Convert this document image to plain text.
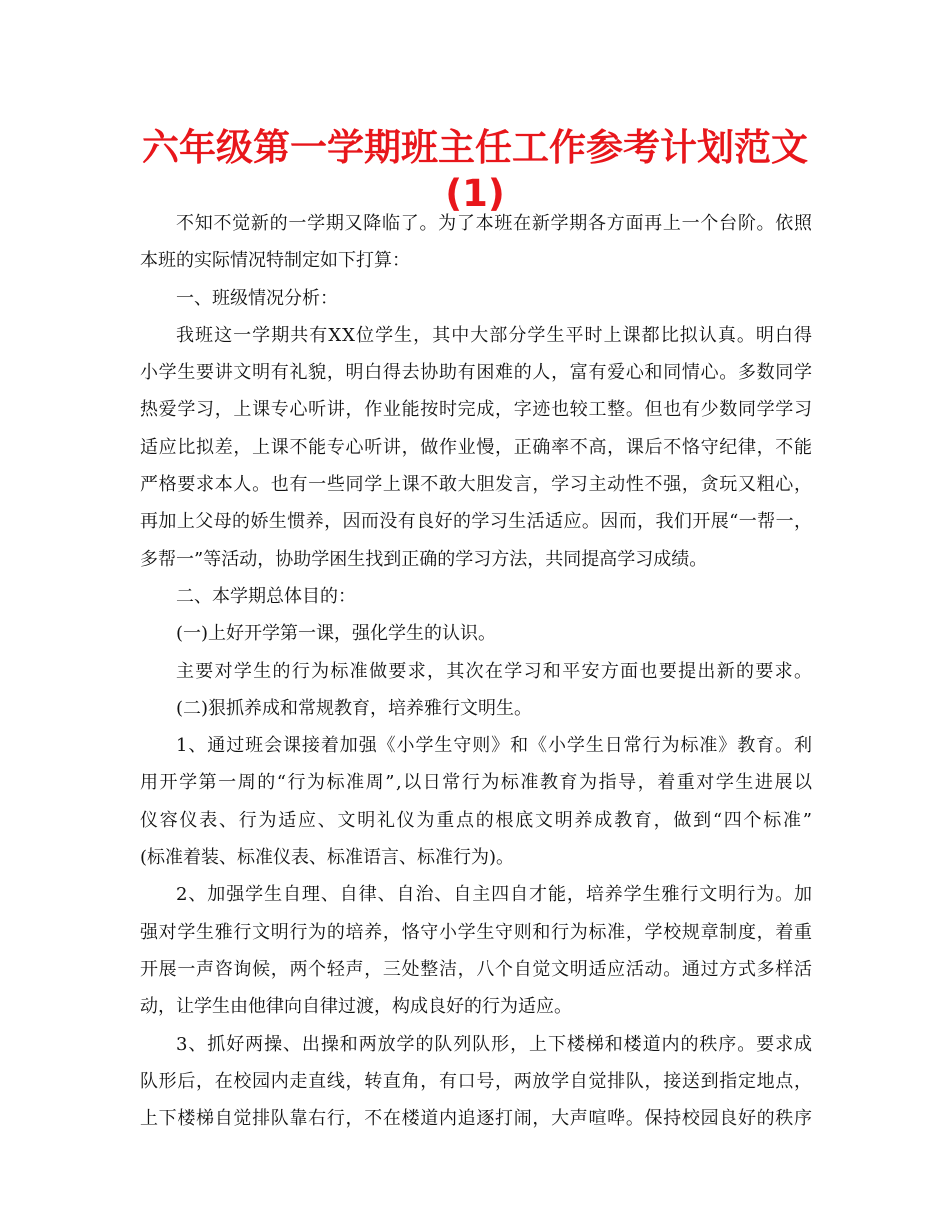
六年级第一学期班主任工作参考计划范文
(1)
不知不觉新的一学期又降临了。为了本班在新学期各方面再上一个台阶。依照
本班的实际情况特制定如下打算：
一、班级情况分析：
我班这一学期共有XX位学生，其中大部分学生平时上课都比拟认真。明白得
小学生要讲文明有礼貌，明白得去协助有困难的人，富有爱心和同情心。多数同学
热爱学习，上课专心听讲，作业能按时完成，字迹也较工整。但也有少数同学学习
适应比拟差，上课不能专心听讲，做作业慢，正确率不高，课后不恪守纪律，不能
严格要求本人。也有一些同学上课不敢大胆发言，学习主动性不强，贪玩又粗心，
再加上父母的娇生惯养，因而没有良好的学习生活适应。因而，我们开展“一帮一，
多帮一”等活动，协助学困生找到正确的学习方法，共同提高学习成绩。
二、本学期总体目的：
(一)上好开学第一课，强化学生的认识。
主要对学生的行为标准做要求，其次在学习和平安方面也要提出新的要求。
(二)狠抓养成和常规教育，培养雅行文明生。
1、通过班会课接着加强《小学生守则》和《小学生日常行为标准》教育。利
用开学第一周的“行为标准周”,以日常行为标准教育为指导，着重对学生进展以
仪容仪表、行为适应、文明礼仪为重点的根底文明养成教育，做到“四个标准”
(标准着装、标准仪表、标准语言、标准行为)。
2、加强学生自理、自律、自治、自主四自才能，培养学生雅行文明行为。加
强对学生雅行文明行为的培养，恪守小学生守则和行为标准，学校规章制度，着重
开展一声咨询候，两个轻声，三处整洁，八个自觉文明适应活动。通过方式多样活
动，让学生由他律向自律过渡，构成良好的行为适应。
3、抓好两操、出操和两放学的队列队形，上下楼梯和楼道内的秩序。要求成
队形后，在校园内走直线，转直角，有口号，两放学自觉排队，接送到指定地点，
上下楼梯自觉排队靠右行，不在楼道内追逐打闹，大声喧哗。保持校园良好的秩序
